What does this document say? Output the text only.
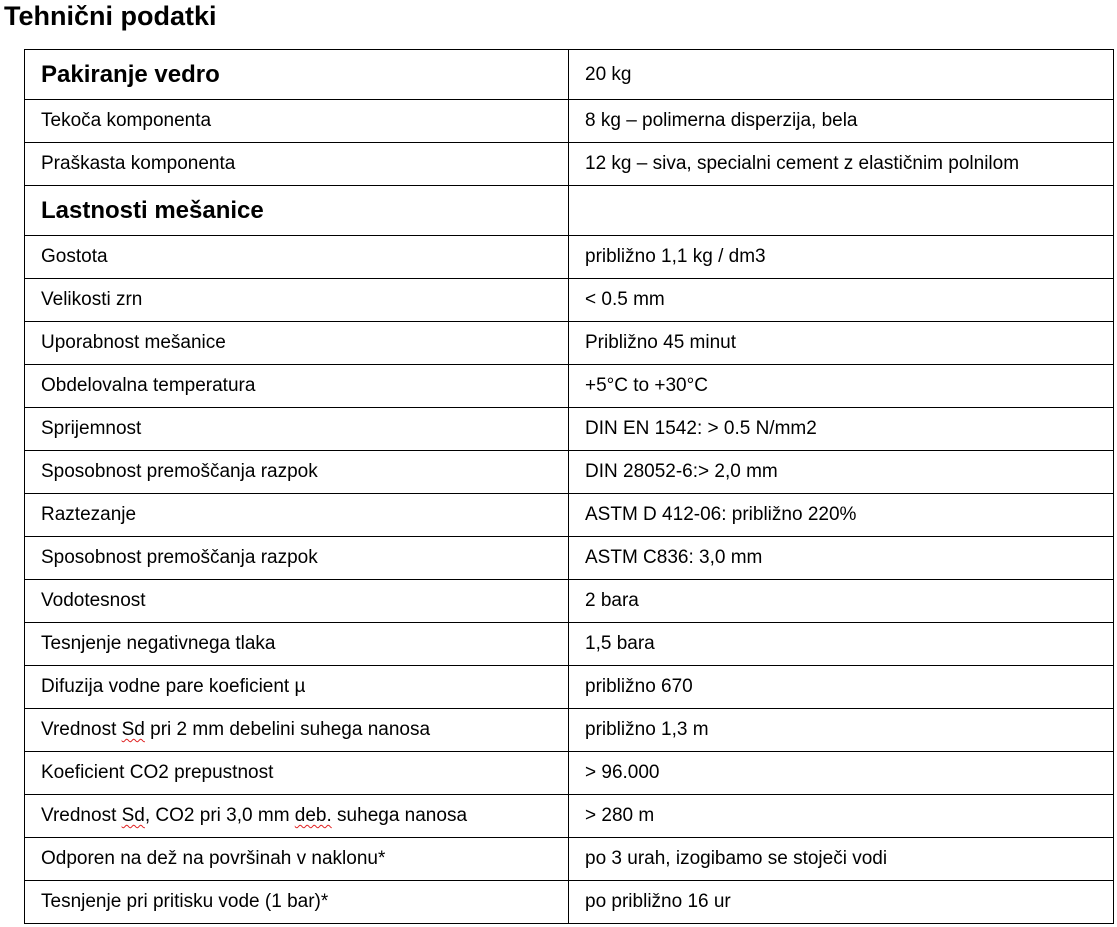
Tehnični podatki
Pakiranje vedro	20 kg
Tekoča komponenta	8 kg – polimerna disperzija, bela
Praškasta komponenta	12 kg – siva, specialni cement z elastičnim polnilom
Lastnosti mešanice	
Gostota	približno 1,1 kg / dm3
Velikosti zrn	< 0.5 mm
Uporabnost mešanice	Približno 45 minut
Obdelovalna temperatura	+5°C to +30°C
Sprijemnost	DIN EN 1542: > 0.5 N/mm2
Sposobnost premoščanja razpok	DIN 28052-6:> 2,0 mm
Raztezanje	ASTM D 412-06: približno 220%
Sposobnost premoščanja razpok	ASTM C836: 3,0 mm
Vodotesnost	2 bara
Tesnjenje negativnega tlaka	1,5 bara
Difuzija vodne pare koeficient µ	približno 670
Vrednost Sd pri 2 mm debelini suhega nanosa	približno 1,3 m
Koeficient CO2 prepustnost	> 96.000
Vrednost Sd, CO2 pri 3,0 mm deb. suhega nanosa	> 280 m
Odporen na dež na površinah v naklonu*	po 3 urah, izogibamo se stoječi vodi
Tesnjenje pri pritisku vode (1 bar)*	po približno 16 ur
